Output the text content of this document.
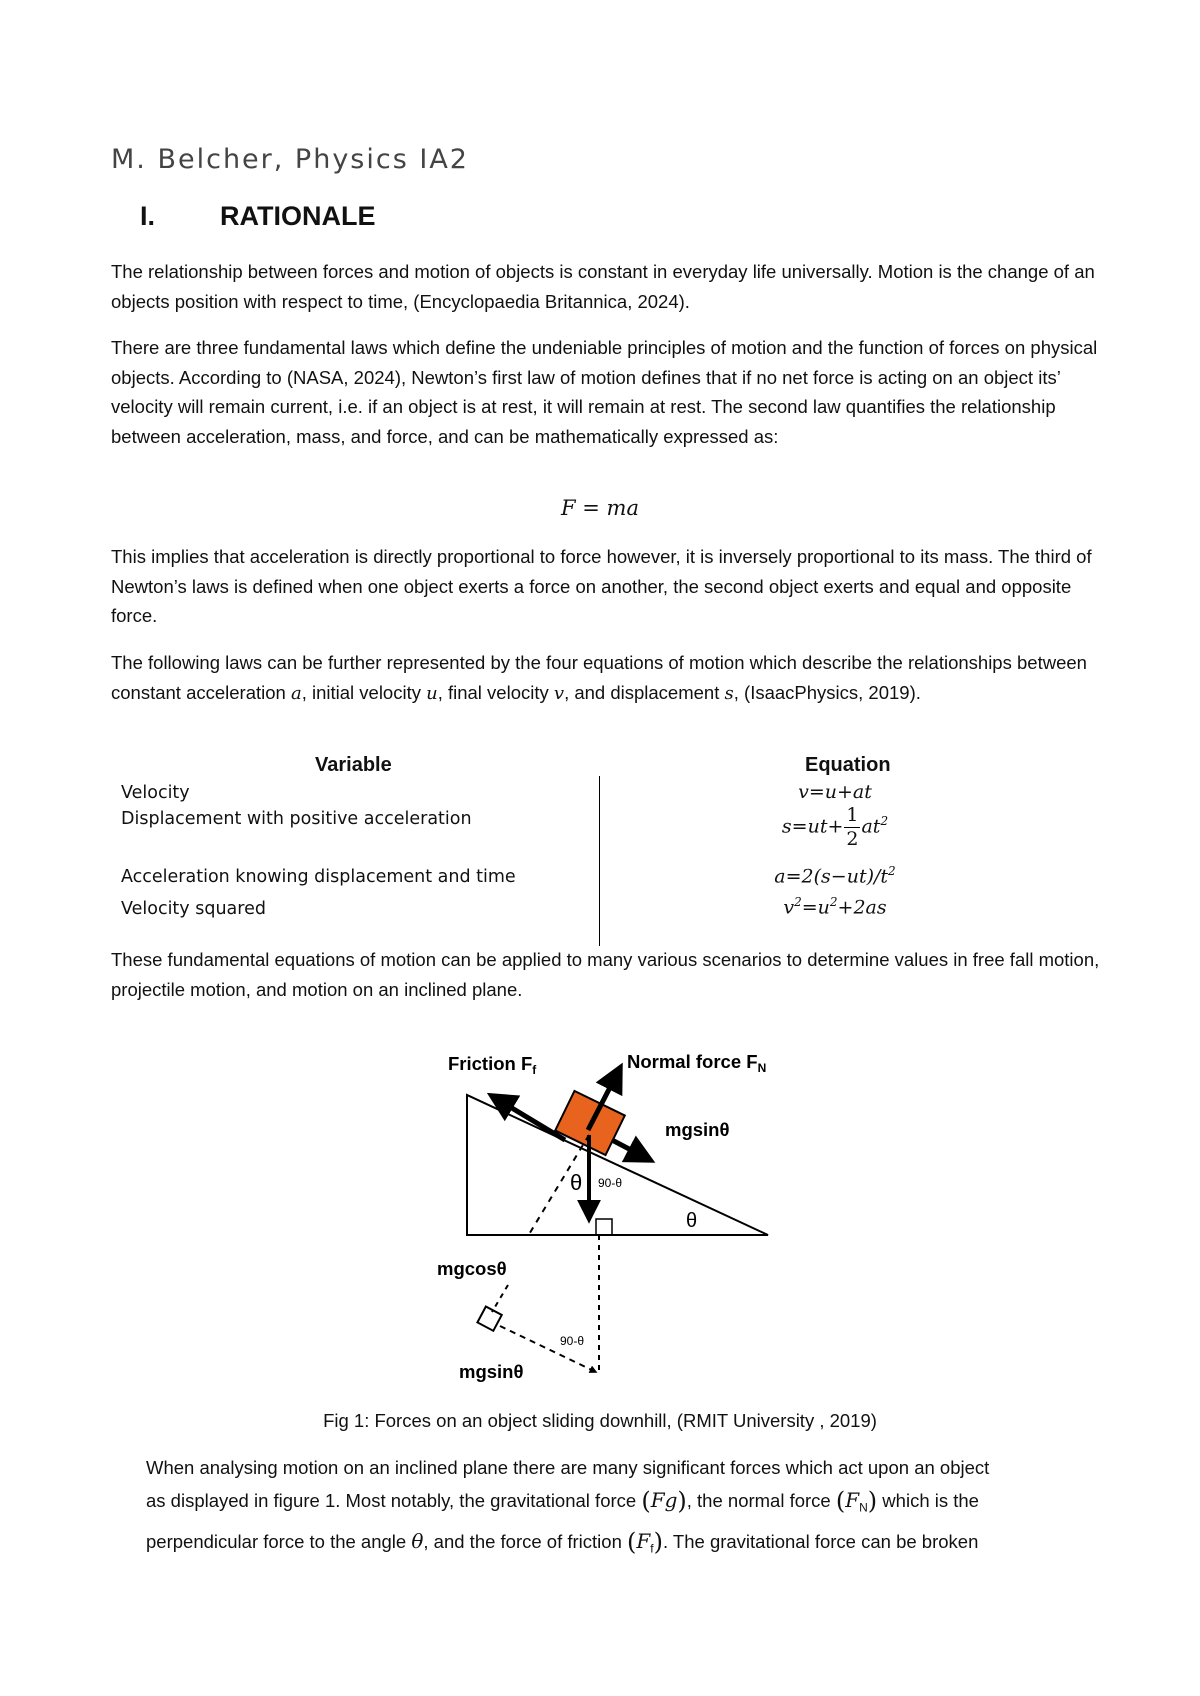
M. Belcher, Physics IA2
I. RATIONALE
The relationship between forces and motion of objects is constant in everyday life universally. Motion is the change of an objects position with respect to time, (Encyclopaedia Britannica, 2024).
There are three fundamental laws which define the undeniable principles of motion and the function of forces on physical objects. According to (NASA, 2024), Newton’s first law of motion defines that if no net force is acting on an object its’ velocity will remain current, i.e. if an object is at rest, it will remain at rest. The second law quantifies the relationship between acceleration, mass, and force, and can be mathematically expressed as:
F = ma
This implies that acceleration is directly proportional to force however, it is inversely proportional to its mass. The third of Newton’s laws is defined when one object exerts a force on another, the second object exerts and equal and opposite force.
The following laws can be further represented by the four equations of motion which describe the relationships between constant acceleration a, initial velocity u, final velocity v, and displacement s, (IsaacPhysics, 2019).
Variable	Equation
Velocity	v=u+at
Displacement with positive acceleration	$s=ut+ \frac{1}{2} at^2$
Acceleration knowing displacement and time	$a=2(s-ut)/t^2$
Velocity squared	$v^2=u^2+2as$
These fundamental equations of motion can be applied to many various scenarios to determine values in free fall motion, projectile motion, and motion on an inclined plane.
Friction $F_f$	Normal force $F_N$
mgsinθ
θ 90-θ
θ
mgcosθ
90-θ
mgsinθ
Fig 1: Forces on an object sliding downhill, (RMIT University , 2019)
When analysing motion on an inclined plane there are many significant forces which act upon an object
as displayed in figure 1. Most notably, the gravitational force (Fg), the normal force $(F_N)$ which is the
perpendicular force to the angle θ, and the force of friction $(F_f)$. The gravitational force can be broken
